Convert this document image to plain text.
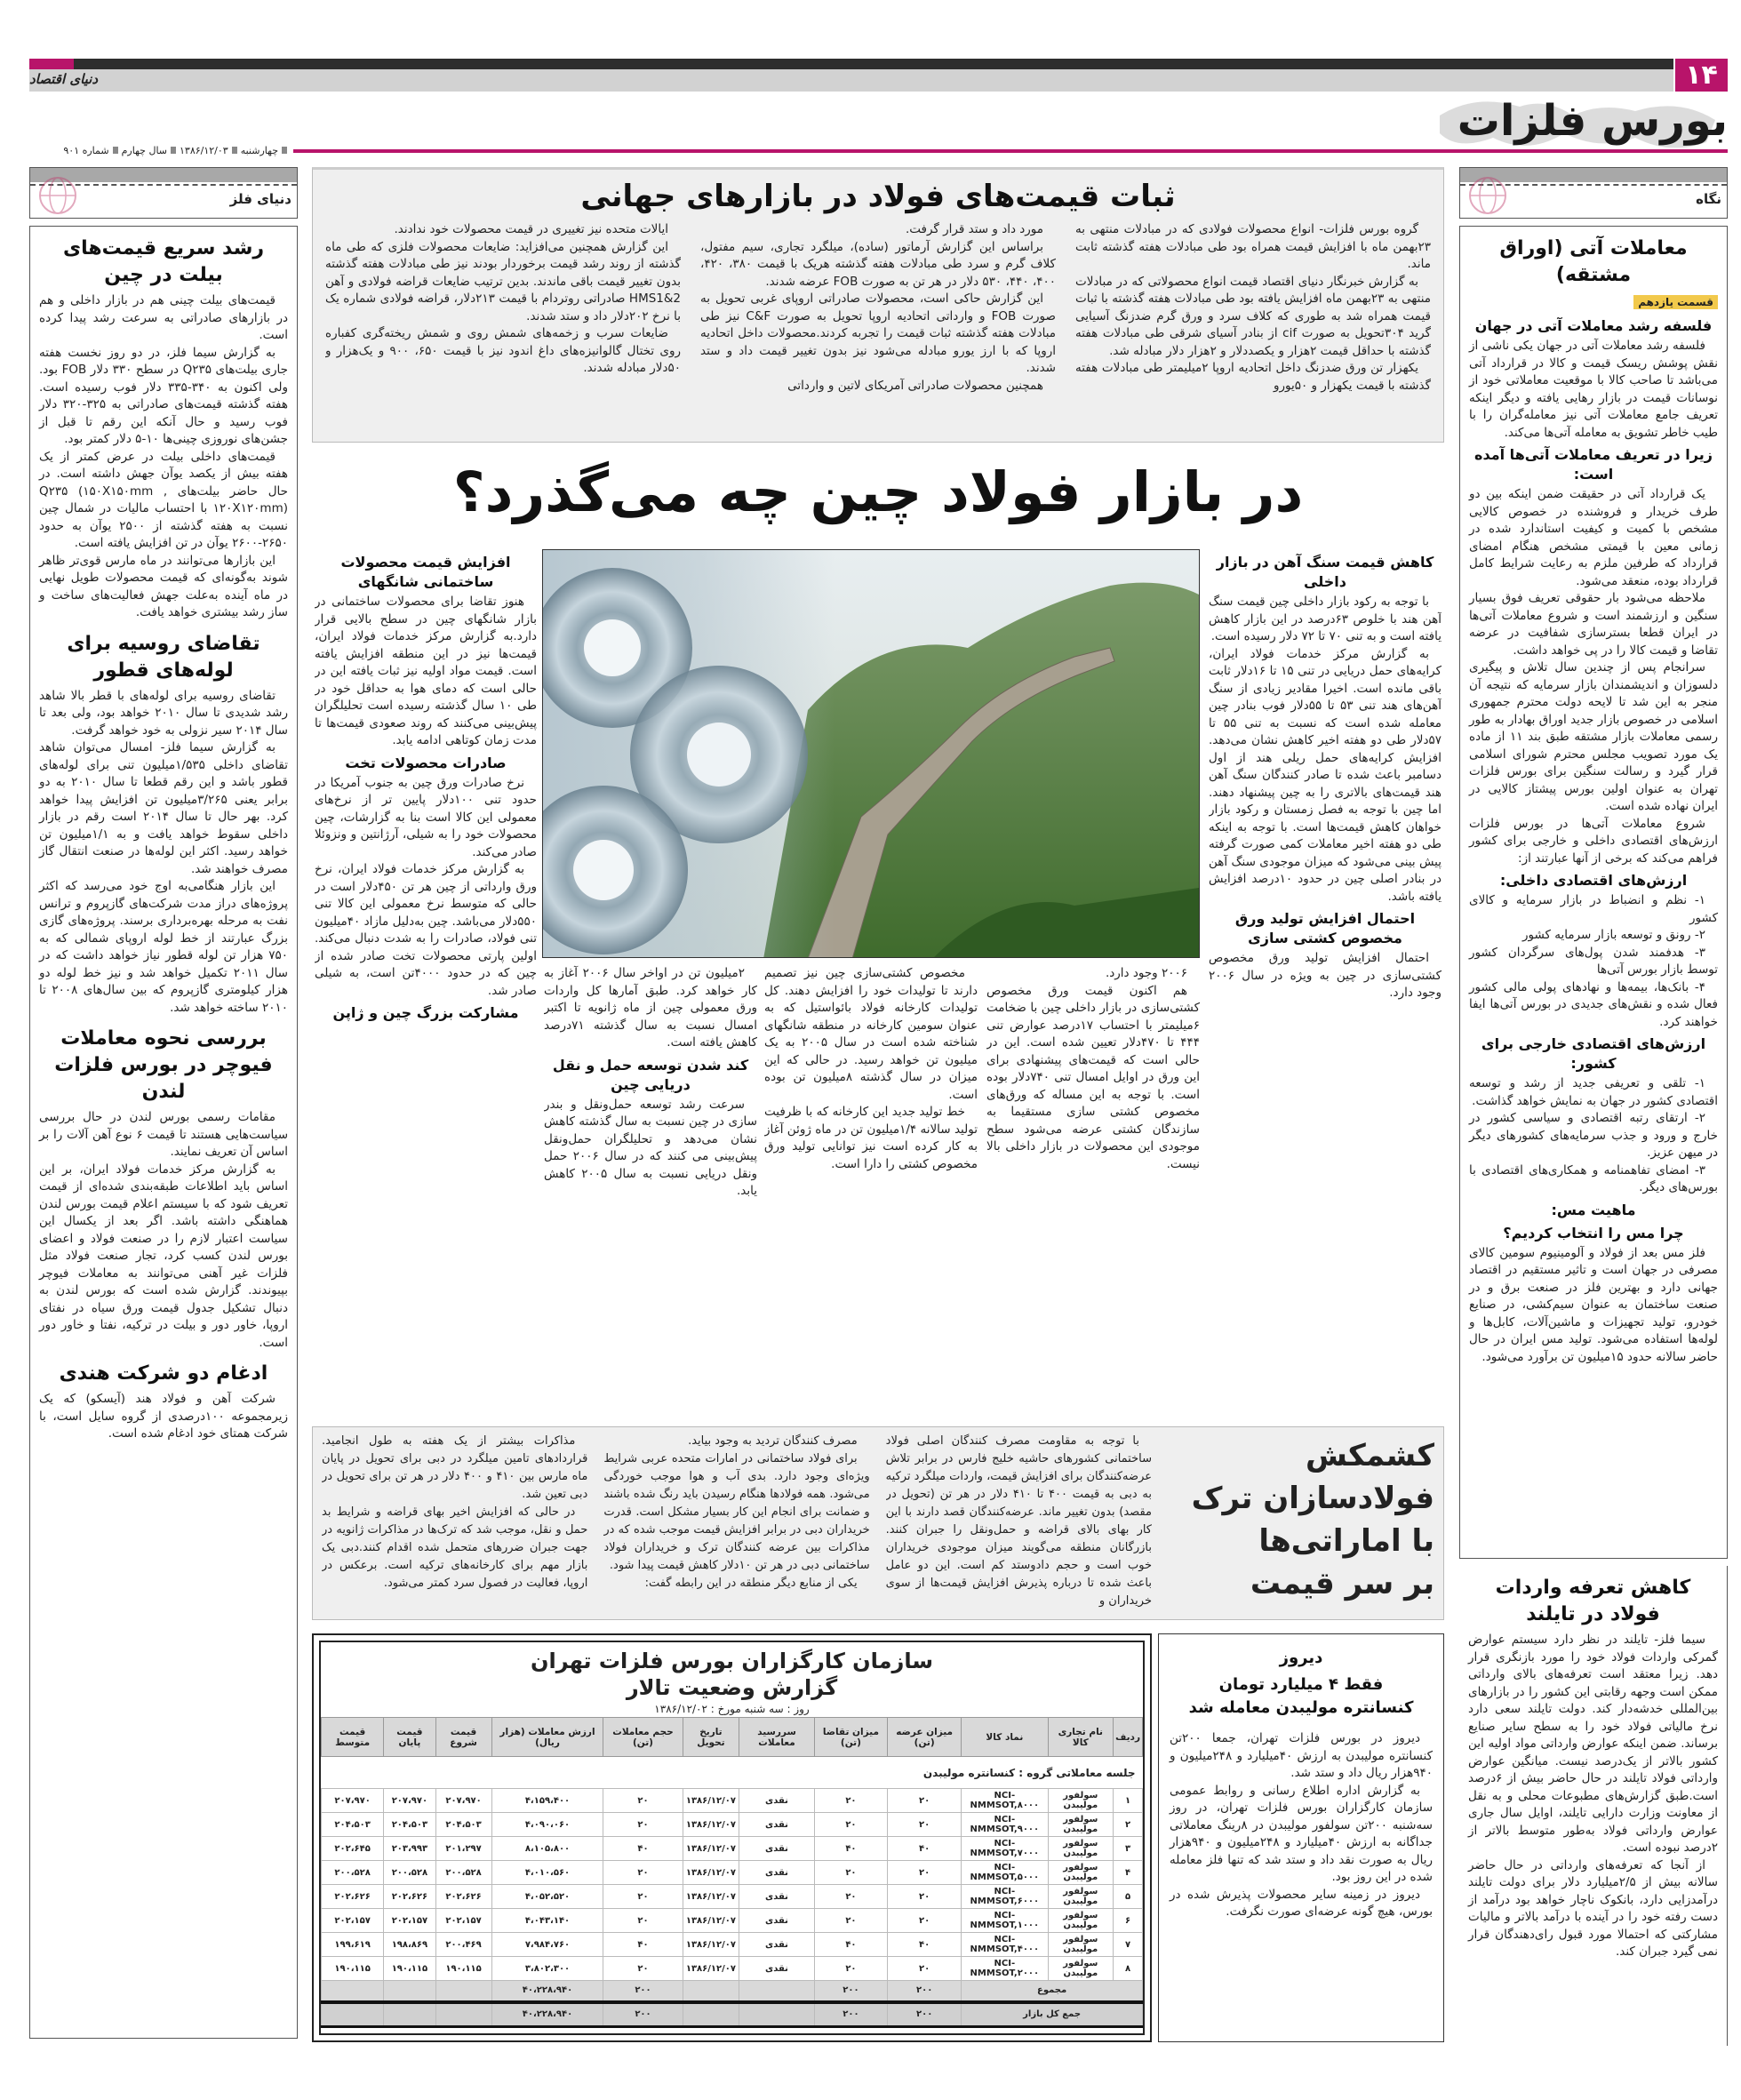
۱۴
دنیای اقتصاد
بورس فلزات
چهارشنبه
۱۳۸۶/۱۲/۰۳
سال چهارم
شماره ۹۰۱
دنیای فلز
رشد سریع قیمت‌های بیلت در چین

قیمت‌های بیلت چینی هم در بازار داخلی و هم در بازارهای صادراتی به سرعت رشد پیدا کرده است.

به گزارش سیما فلز، در دو روز نخست هفته جاری بیلت‌های Q۲۳۵ در سطح ۳۳۰ دلار FOB بود. ولی اکنون به ۳۴۰-۳۳۵ دلار فوب رسیده است. هفته گذشته قیمت‌های صادراتی به ۳۲۵-۳۲۰ دلار فوب رسید و حال آنکه این رقم تا قبل از جشن‌های نوروزی چینی‌ها ۱۰-۵ دلار کمتر بود.

قیمت‌های داخلی بیلت در عرض کمتر از یک هفته بیش از یکصد یوآن جهش داشته است. در حال حاضر بیلت‌های Q۲۳۵ (۱۵۰X۱۵۰mm , ۱۲۰X۱۲۰mm) با احتساب مالیات در شمال چین نسبت به هفته گذشته از ۲۵۰۰ یوآن به حدود ۲۶۵۰-۲۶۰۰ یوآن در تن افزایش یافته است.

این بازارها می‌توانند در ماه مارس قوی‌تر ظاهر شوند به‌گونه‌ای که قیمت محصولات طویل نهایی در ماه آینده به‌علت جهش فعالیت‌های ساخت و ساز رشد بیشتری خواهد یافت.

تقاضای روسیه برای لوله‌های قطور

تقاضای روسیه برای لوله‌های با قطر بالا شاهد رشد شدیدی تا سال ۲۰۱۰ خواهد بود، ولی بعد تا سال ۲۰۱۴ سیر نزولی به خود خواهد گرفت.

به گزارش سیما فلز- امسال می‌توان شاهد تقاضای داخلی ۱/۵۳۵میلیون تنی برای لوله‌های قطور باشد و این رقم قطعا تا سال ۲۰۱۰ به دو برابر یعنی ۳/۲۶۵میلیون تن افزایش پیدا خواهد کرد. بهر حال تا سال ۲۰۱۴ است رقم در بازار داخلی سقوط خواهد یافت و به ۱/۱میلیون تن خواهد رسید. اکثر این لوله‌ها در صنعت انتقال گاز مصرف خواهند شد.

این بازار هنگامی‌به اوج خود می‌رسد که اکثر پروژه‌های دراز مدت شرکت‌های گازپروم و ترانس نفت به مرحله بهره‌برداری برسند. پروژه‌های گازی بزرگ عبارتند از خط لوله اروپای شمالی که به ۷۵۰ هزار تن لوله قطور نیاز خواهد داشت که در سال ۲۰۱۱ تکمیل خواهد شد و نیز خط لوله دو هزار کیلومتری گازپروم که بین سال‌های ۲۰۰۸ تا ۲۰۱۰ ساخته خواهد شد.

بررسی نحوه معاملات فیوچر در بورس فلزات لندن

مقامات رسمی بورس لندن در حال بررسی سیاست‌هایی هستند تا قیمت ۶ نوع آهن آلات را بر اساس آن تعریف نمایند.

به گزارش مرکز خدمات فولاد ایران، بر این اساس باید اطلاعات طبقه‌بندی شده‌ای از قیمت تعریف شود که با سیستم اعلام قیمت بورس لندن هماهنگی داشته باشد. اگر بعد از یکسال این سیاست اعتبار لازم را در صنعت فولاد و اعضای بورس لندن کسب کرد، تجار صنعت فولاد مثل فلزات غیر آهنی می‌توانند به معاملات فیوچر بپیوندند. گزارش شده است که بورس لندن به دنبال تشکیل جدول قیمت ورق سیاه در نفتای اروپا، خاور دور و بیلت در ترکیه، نفتا و خاور دور است.

ادغام دو شرکت هندی

شرکت آهن و فولاد هند (آیسکو) که یک زیرمجموعه ۱۰۰درصدی از گروه سایل است، با شرکت همتای خود ادغام شده است.

نگاه
معاملات آتی (اوراق مشتقه)
قسمت یازدهم
فلسفه رشد معاملات آتی در جهان

فلسفه رشد معاملات آتی در جهان یکی ناشی از نقش پوشش ریسک قیمت و کالا در قرارداد آتی می‌باشد تا صاحب کالا با موقعیت معاملاتی خود از نوسانات قیمت در بازار رهایی یافته و دیگر اینکه تعریف جامع معاملات آتی نیز معامله‌گران را با طیب خاطر تشویق به معامله آتی‌ها می‌کند.

زیرا در تعریف معاملات آتی‌ها آمده است:

یک قرارداد آتی در حقیقت ضمن اینکه بین دو طرف خریدار و فروشنده در خصوص کالایی مشخص با کمیت و کیفیت استاندارد شده در زمانی معین با قیمتی مشخص هنگام امضای قرارداد که طرفین ملزم به رعایت شرایط کامل قرارداد بوده، منعقد می‌شود.

ملاحظه می‌شود بار حقوقی تعریف فوق بسیار سنگین و ارزشمند است و شروع معاملات آتی‌ها در ایران قطعا بسترسازی شفافیت در عرضه تقاضا و قیمت کالا را در پی خواهد داشت.

سرانجام پس از چندین سال تلاش و پیگیری دلسوزان و اندیشمندان بازار سرمایه که نتیجه آن منجر به این شد تا لایحه دولت محترم جمهوری اسلامی در خصوص بازار جدید اوراق بهادار به طور رسمی معاملات بازار مشتقه طبق بند ۱۱ از ماده یک مورد تصویب مجلس محترم شورای اسلامی قرار گیرد و رسالت سنگین برای بورس فلزات تهران به عنوان اولین بورس پیشتاز کالایی در ایران نهاده شده است.

شروع معاملات آتی‌ها در بورس فلزات ارزش‌های اقتصادی داخلی و خارجی برای کشور فراهم می‌کند که برخی از آنها عبارتند از:

ارزش‌های اقتصادی داخلی:

۱- نظم و انضباط در بازار سرمایه و کالای کشور

۲- رونق و توسعه بازار سرمایه کشور

۳- هدفمند شدن پول‌های سرگردان کشور توسط بازار بورس آتی‌ها

۴- بانک‌ها، بیمه‌ها و نهادهای پولی مالی کشور فعال شده و نقش‌های جدیدی در بورس آتی‌ها ایفا خواهند کرد.

ارزش‌های اقتصادی خارجی برای کشور:

۱- تلقی و تعریفی جدید از رشد و توسعه اقتصادی کشور در جهان به نمایش خواهد گذاشت.

۲- ارتقای رتبه اقتصادی و سیاسی کشور در خارج و ورود و جذب سرمایه‌های کشورهای دیگر در میهن عزیز.

۳- امضای تفاهمنامه و همکاری‌های اقتصادی با بورس‌های دیگر.

ماهیت مس:
چرا مس را انتخاب کردیم؟

فلز مس بعد از فولاد و آلومینیوم سومین کالای مصرفی در جهان است و تاثیر مستقیم در اقتصاد جهانی دارد و بهترین فلز در صنعت برق و در صنعت ساختمان به عنوان سیم‌کشی، در صنایع خودرو، تولید تجهیزات و ماشین‌آلات، کابل‌ها و لوله‌ها استفاده می‌شود. تولید مس ایران در حال حاضر سالانه حدود ۱۵میلیون تن برآورد می‌شود.

کاهش تعرفه واردات فولاد در تایلند

سیما فلز- تایلند در نظر دارد سیستم عوارض گمرکی واردات فولاد خود را مورد بازنگری قرار دهد. زیرا معتقد است تعرفه‌های بالای وارداتی ممکن است وجهه رقابتی این کشور را در بازارهای بین‌المللی خدشه‌دار کند. دولت تایلند سعی دارد نرخ مالیاتی فولاد خود را به سطح سایر صنایع برساند. ضمن اینکه عوارض وارداتی مواد اولیه این کشور بالاتر از یک‌درصد نیست. میانگین عوارض وارداتی فولاد تایلند در حال حاضر بیش از ۶درصد است.طبق گزارش‌های مطبوعات محلی و به نقل از معاونت وزارت دارایی تایلند، اوایل سال جاری عوارض وارداتی فولاد به‌طور متوسط بالاتر از ۲درصد نبوده است.

از آنجا که تعرفه‌های وارداتی در حال حاضر سالانه بیش از ۲/۵میلیارد دلار برای دولت تایلند درآمدزایی دارد، بانکوک ناچار خواهد بود درآمد از دست رفته خود را در آینده با درآمد بالاتر و مالیات مشارکتی که احتمالا مورد قبول رای‌دهندگان قرار نمی گیرد جبران کند.

ثبات قیمت‌های فولاد در بازارهای جهانی

گروه بورس فلزات- انواع محصولات فولادی که در مبادلات منتهی به ۲۳بهمن ماه با افزایش قیمت همراه بود طی مبادلات هفته گذشته ثابت ماند.

به گزارش خبرنگار دنیای اقتصاد قیمت انواع محصولاتی که در مبادلات منتهی به ۲۳بهمن ماه افزایش یافته بود طی مبادلات هفته گذشته با ثبات قیمت همراه شد به طوری که کلاف سرد و ورق گرم ضدزنگ آسیایی گرید ۳۰۴تحویل به صورت cif از بنادر آسیای شرقی طی مبادلات هفته گذشته با حداقل قیمت ۲هزار و یکصددلار و ۲هزار دلار مبادله شد.

یکهزار تن ورق ضدزنگ داخل اتحادیه اروپا ۲میلیمتر طی مبادلات هفته گذشته با قیمت یکهزار و ۵۰یورو

مورد داد و ستد قرار گرفت.

براساس این گزارش آرماتور (ساده)، میلگرد تجاری، سیم مفتول، کلاف گرم و سرد طی مبادلات هفته گذشته هریک با قیمت ۳۸۰، ۴۲۰، ۴۰۰، ۴۴۰، ۵۳۰ دلار در هر تن به صورت FOB عرضه شدند.

این گزارش حاکی است، محصولات صادراتی اروپای غربی تحویل به صورت FOB و وارداتی اتحادیه اروپا تحویل به صورت C&F نیز طی مبادلات هفته گذشته ثبات قیمت را تجربه کردند.محصولات داخل اتحادیه اروپا که با ارز یورو مبادله می‌شود نیز بدون تغییر قیمت داد و ستد شدند.

همچنین محصولات صادراتی آمریکای لاتین و وارداتی

ایالات متحده نیز تغییری در قیمت محصولات خود ندادند.

این گزارش همچنین می‌افزاید: ضایعات محصولات فلزی که طی ماه گذشته از روند رشد قیمت برخوردار بودند نیز طی مبادلات هفته گذشته بدون تغییر قیمت باقی ماندند. بدین ترتیب ضایعات قراضه فولادی و آهن HMS1&2 صادراتی روتردام با قیمت ۲۱۳دلار، قراضه فولادی شماره یک با نرخ ۲۰۲دلار داد و ستد شدند.

ضایعات سرب و زخمه‌های شمش روی و شمش ریخته‌گری کفباره روی تختال گالوانیزه‌های داغ اندود نیز با قیمت ۶۵۰، ۹۰۰ و یک‌هزار و ۵۰دلار مبادله شدند.

در بازار فولاد چین چه می‌گذرد؟
کاهش قیمت سنگ آهن در بازار داخلی

با توجه به رکود بازار داخلی چین قیمت سنگ آهن هند با خلوص ۶۳درصد در این بازار کاهش یافته است و به تنی ۷۰ تا ۷۲ دلار رسیده است.

به گزارش مرکز خدمات فولاد ایران، کرایه‌های حمل دریایی در تنی ۱۵ تا ۱۶دلار ثابت باقی مانده است. اخیرا مقادیر زیادی از سنگ آهن‌های هند تنی ۵۳ تا ۵۵دلار فوب بنادر چین معامله شده است که نسبت به تنی ۵۵ تا ۵۷دلار طی دو هفته اخیر کاهش نشان می‌دهد. افزایش کرایه‌های حمل ریلی هند از اول دسامبر باعث شده تا صادر کنندگان سنگ آهن هند قیمت‌های بالاتری را به چین پیشنهاد دهند. اما چین با توجه به فصل زمستان و رکود بازار خواهان کاهش قیمت‌ها است. با توجه به اینکه طی دو هفته اخیر معاملات کمی صورت گرفته پیش بینی می‌شود که میزان موجودی سنگ آهن در بنادر اصلی چین در حدود ۱۰درصد افزایش یافته باشد.

احتمال افزایش تولید ورق مخصوص کشتی سازی

احتمال افزایش تولید ورق مخصوص کشتی‌سازی در چین به ویژه در سال ۲۰۰۶ وجود دارد.

۲۰۰۶ وجود دارد.

هم اکنون قیمت ورق مخصوص کشتی‌سازی در بازار داخلی چین با ضخامت ۶میلیمتر با احتساب ۱۷درصد عوارض تنی ۴۴۴ تا ۴۷۰دلار تعیین شده است. این در حالی است که قیمت‌های پیشنهادی برای این ورق در اوایل امسال تنی ۷۴۰دلار بوده است. با توجه به این مساله که ورق‌های مخصوص کشتی سازی مستقیما به سازندگان کشتی عرضه می‌شود سطح موجودی این محصولات در بازار داخلی بالا نیست.

مخصوص کشتی‌سازی چین نیز تصمیم دارند تا تولیدات خود را افزایش دهند. کل تولیدات کارخانه فولاد بائواستیل که به عنوان سومین کارخانه در منطقه شانگهای شناخته شده است در سال ۲۰۰۵ به یک میلیون تن خواهد رسید. در حالی که این میزان در سال گذشته ۸میلیون تن بوده است.

خط تولید جدید این کارخانه که با ظرفیت تولید سالانه ۱/۴میلیون تن در ماه ژوئن آغاز به کار کرده است نیز توانایی تولید ورق مخصوص کشتی را دارا است.

۲میلیون تن در اواخر سال ۲۰۰۶ آغاز به کار خواهد کرد. طبق آمارها کل واردات ورق معمولی چین از ماه ژانویه تا اکتبر امسال نسبت به سال گذشته ۷۱درصد کاهش یافته است.

کند شدن توسعه حمل و نقل دریایی چین

سرعت رشد توسعه حمل‌ونقل و بندر سازی در چین نسبت به سال گذشته کاهش نشان می‌دهد و تحلیلگران حمل‌ونقل پیش‌بینی می کنند که در سال ۲۰۰۶ حمل ونقل دریایی نسبت به سال ۲۰۰۵ کاهش یابد.

افزایش قیمت محصولات ساختمانی شانگهای

هنوز تقاضا برای محصولات ساختمانی در بازار شانگهای چین در سطح بالایی قرار دارد.به گزارش مرکز خدمات فولاد ایران، قیمت‌ها نیز در این منطقه افزایش یافته است. قیمت مواد اولیه نیز ثبات یافته این در حالی است که دمای هوا به حداقل خود در طی ۱۰ سال گذشته رسیده است تحلیلگران پیش‌بینی می‌کنند که روند صعودی قیمت‌ها تا مدت زمان کوتاهی ادامه یابد.

صادرات محصولات تخت

نرخ صادرات ورق چین به جنوب آمریکا در حدود تنی ۱۰۰دلار پایین تر از نرخ‌های معمولی این کالا است بنا به گزارشات، چین محصولات خود را به شیلی، آرژانتین و ونزوئلا صادر می‌کند.

به گزارش مرکز خدمات فولاد ایران، نرخ ورق وارداتی از چین هر تن ۴۵۰دلار است در حالی که متوسط نرخ معمولی این کالا تنی ۵۵۰دلار می‌باشد. چین به‌دلیل مازاد ۴۰میلیون تنی فولاد، صادرات را به شدت دنبال می‌کند. اولین پارتی محصولات تخت صادر شده از چین که در حدود ۴۰۰۰تن است، به شیلی صادر شد.

مشارکت بزرگ چین و ژاپن
کشمکش
فولادسازان ترک
با اماراتی‌ها
بر سر قیمت

با توجه به مقاومت مصرف کنندگان اصلی فولاد ساختمانی کشورهای حاشیه خلیج فارس در برابر تلاش عرضه‌کنندگان برای افزایش قیمت، واردات میلگرد ترکیه به دبی به قیمت ۴۰۰ تا ۴۱۰ دلار در هر تن (تحویل در مقصد) بدون تغییر ماند. عرضه‌کنندگان قصد دارند با این کار بهای بالای قراضه و حمل‌ونقل را جبران کنند. بازرگانان منطقه می‌گویند میزان موجودی خریداران خوب است و حجم دادوستد کم است. این دو عامل باعث شده تا درباره پذیرش افزایش قیمت‌ها از سوی خریداران و

مصرف کنندگان تردید به وجود بیاید.

برای فولاد ساختمانی در امارات متحده عربی شرایط ویژه‌ای وجود دارد. بدی آب و هوا موجب خوردگی می‌شود. همه فولادها هنگام رسیدن باید رنگ شده باشند و ضمانت برای انجام این کار بسیار مشکل است. قدرت خریداران دبی در برابر افزایش قیمت موجب شده که در مذاکرات بین عرضه کنندگان ترک و خریداران فولاد ساختمانی دبی در هر تن ۱۰دلار کاهش قیمت پیدا شود.

یکی از منابع دیگر منطقه در این رابطه گفت:

مذاکرات بیشتر از یک هفته به طول انجامید. قراردادهای تامین میلگرد در دبی برای تحویل در پایان ماه مارس بین ۴۱۰ و ۴۰۰ دلار در هر تن برای تحویل در دبی تعین شد.

در حالی که افزایش اخیر بهای قراضه و شرایط بد حمل و نقل، موجب شد که ترک‌ها در مذاکرات ژانویه در جهت جبران ضررهای متحمل شده اقدام کنند.دبی یک بازار مهم برای کارخانه‌های ترکیه است. برعکس در اروپا، فعالیت در فصول سرد کمتر می‌شود.

سازمان کارگزاران بورس فلزات تهران
گزارش وضعیت تالار
روز : سه شنبه مورخ : ۱۳۸۶/۱۲/۰۲
ردیف	نام تجاری کالا	نماد کالا	میزان عرضه (تن)	میزان تقاضا (تن)	سررسید معاملات	تاریخ تحویل	حجم معاملات (تن)	ارزش معاملات (هزار ریال)	قیمت شروع	قیمت پایان	قیمت متوسط
جلسه معاملاتی گروه : کنسانتره مولیبدن											
۱	سولفور مولیبدن	NCI-NMMSOT,۸۰۰۰	۲۰	۲۰	نقدی	۱۳۸۶/۱۲/۰۷	۲۰	۴،۱۵۹،۴۰۰	۲۰۷،۹۷۰	۲۰۷،۹۷۰	۲۰۷،۹۷۰
۲	سولفور مولیبدن	NCI-NMMSOT,۹۰۰۰	۲۰	۲۰	نقدی	۱۳۸۶/۱۲/۰۷	۲۰	۴،۰۹۰،۰۶۰	۲۰۴،۵۰۳	۲۰۴،۵۰۳	۲۰۴،۵۰۳
۳	سولفور مولیبدن	NCI-NMMSOT,۷۰۰۰	۴۰	۴۰	نقدی	۱۳۸۶/۱۲/۰۷	۴۰	۸،۱۰۵،۸۰۰	۲۰۱،۲۹۷	۲۰۳،۹۹۳	۲۰۲،۶۴۵
۴	سولفور مولیبدن	NCI-NMMSOT,۵۰۰۰	۲۰	۲۰	نقدی	۱۳۸۶/۱۲/۰۷	۲۰	۴،۰۱۰،۵۶۰	۲۰۰،۵۲۸	۲۰۰،۵۲۸	۲۰۰،۵۲۸
۵	سولفور مولیبدن	NCI-NMMSOT,۶۰۰۰	۲۰	۲۰	نقدی	۱۳۸۶/۱۲/۰۷	۲۰	۴،۰۵۲،۵۲۰	۲۰۲،۶۲۶	۲۰۲،۶۲۶	۲۰۲،۶۲۶
۶	سولفور مولیبدن	NCI-NMMSOT,۱۰۰۰	۲۰	۲۰	نقدی	۱۳۸۶/۱۲/۰۷	۲۰	۴،۰۴۳،۱۴۰	۲۰۲،۱۵۷	۲۰۲،۱۵۷	۲۰۲،۱۵۷
۷	سولفور مولیبدن	NCI-NMMSOT,۴۰۰۰	۴۰	۴۰	نقدی	۱۳۸۶/۱۲/۰۷	۴۰	۷،۹۸۴،۷۶۰	۲۰۰،۴۶۹	۱۹۸،۸۶۹	۱۹۹،۶۱۹
۸	سولفور مولیبدن	NCI-NMMSOT,۲۰۰۰	۲۰	۲۰	نقدی	۱۳۸۶/۱۲/۰۷	۲۰	۳،۸۰۲،۳۰۰	۱۹۰،۱۱۵	۱۹۰،۱۱۵	۱۹۰،۱۱۵
مجموع			۲۰۰	۲۰۰			۲۰۰	۴۰،۲۲۸،۹۴۰			
جمع کل بازار			۲۰۰	۲۰۰			۲۰۰	۴۰،۲۲۸،۹۴۰			
دیروز
فقط ۴ میلیارد تومان
کنسانتره مولیبدن معامله شد

دیروز در بورس فلزات تهران، جمعا ۲۰۰تن کنسانتره مولیبدن به ارزش ۴۰میلیارد و ۲۴۸میلیون و ۹۴۰هزار ریال داد و ستد شد.

به گزارش اداره اطلاع رسانی و روابط عمومی سازمان کارگزاران بورس فلزات تهران، در روز سه‌شنبه ۲۰۰تن سولفور مولیبدن در ۸رینگ معاملاتی جداگانه به ارزش ۴۰میلیارد و ۲۴۸میلیون و ۹۴۰هزار ریال به صورت نقد داد و ستد شد که تنها فلز معامله شده در این روز بود.

دیروز در زمینه سایر محصولات پذیرش شده در بورس، هیچ گونه عرضه‌ای صورت نگرفت.
